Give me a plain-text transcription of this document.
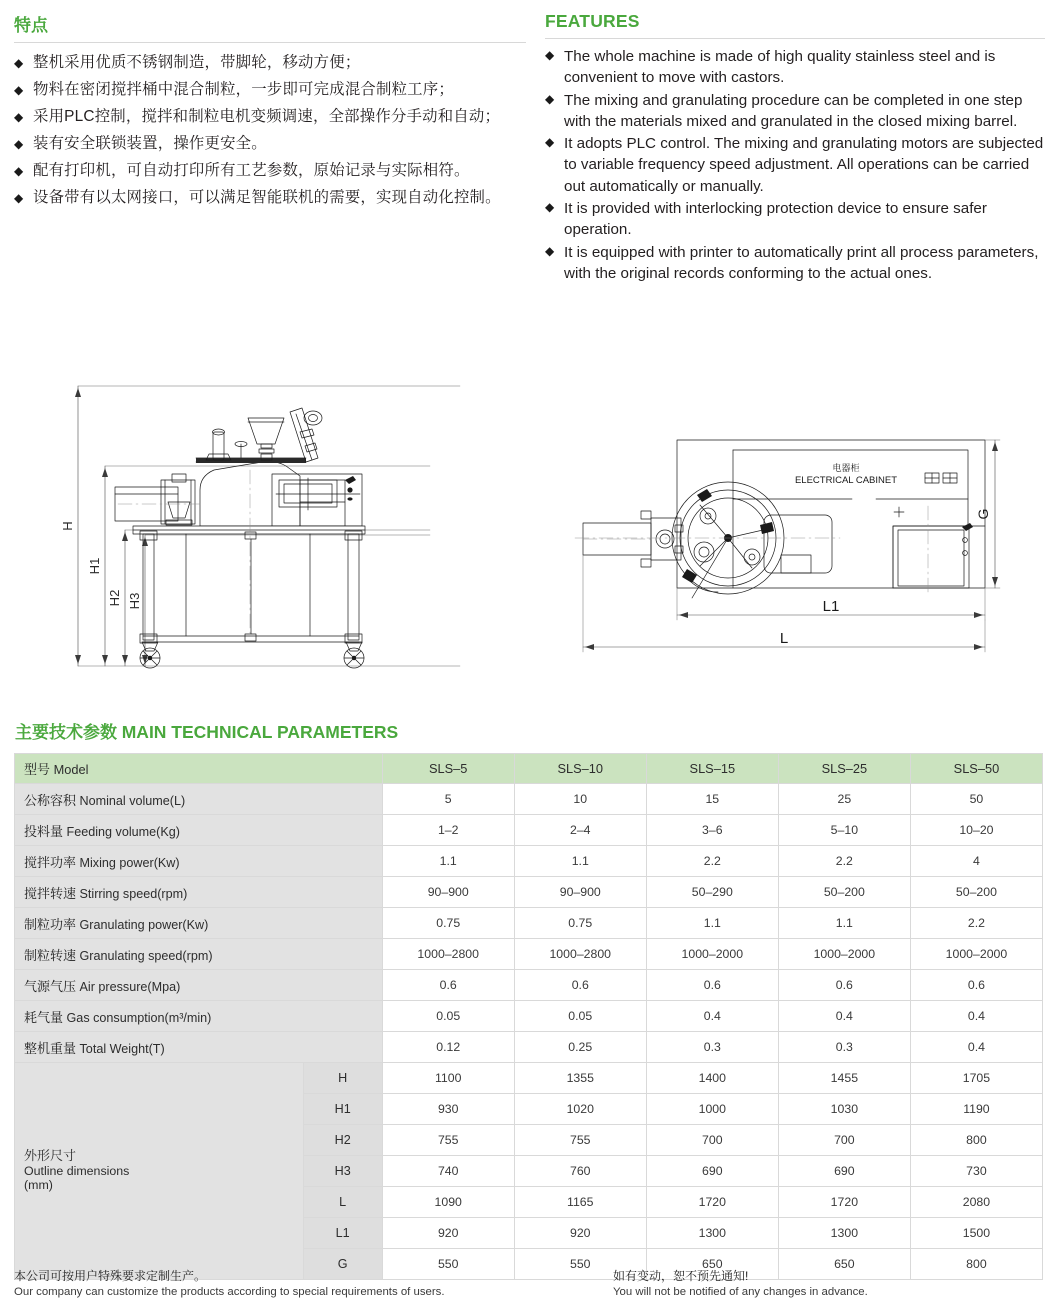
特点
◆ 整机采用优质不锈钢制造，带脚轮，移动方便；
◆ 物料在密闭搅拌桶中混合制粒，一步即可完成混合制粒工序；
◆ 采用PLC控制，搅拌和制粒电机变频调速，全部操作分手动和自动；
◆ 装有安全联锁装置，操作更安全。
◆ 配有打印机，可自动打印所有工艺参数，原始记录与实际相符。
◆ 设备带有以太网接口，可以满足智能联机的需要，实现自动化控制。
FEATURES
◆ The whole machine is made of high quality stainless steel and is convenient to move with castors.
◆ The mixing and granulating procedure can be completed in one step with the materials mixed and granulated in the closed mixing barrel.
◆ It adopts PLC control. The mixing and granulating motors are subjected to variable frequency speed adjustment. All operations can be carried out automatically or manually.
◆ It is provided with interlocking protection device to ensure safer operation.
◆ It is equipped with printer to automatically print all process parameters, with the original records conforming to the actual ones.
H
H1
H2 H3
电器柜
ELECTRICAL CABINET
G
L1
L
主要技术参数 MAIN TECHNICAL PARAMETERS
型号 Model		SLS–5	SLS–10	SLS–15	SLS–25	SLS–50
公称容积 Nominal volume(L)		5	10	15	25	50
投料量 Feeding volume(Kg)		1–2	2–4	3–6	5–10	10–20
搅拌功率 Mixing power(Kw)		1.1	1.1	2.2	2.2	4
搅拌转速 Stirring speed(rpm)		90–900	90–900	50–290	50–200	50–200
制粒功率 Granulating power(Kw)		0.75	0.75	1.1	1.1	2.2
制粒转速 Granulating speed(rpm)		1000–2800	1000–2800	1000–2000	1000–2000	1000–2000
气源气压 Air pressure(Mpa)		0.6	0.6	0.6	0.6	0.6
耗气量 Gas consumption(m³/min)		0.05	0.05	0.4	0.4	0.4
整机重量 Total Weight(T)		0.12	0.25	0.3	0.3	0.4

外形尺寸
Outline dimensions
(mm)	H	1100	1355	1400	1455	1705
	H1	930	1020	1000	1030	1190
	H2	755	755	700	700	800
	H3	740	760	690	690	730
	L	1090	1165	1720	1720	2080
	L1	920	920	1300	1300	1500
	G	550	550	650	650	800
本公司可按用户特殊要求定制生产。
Our company can customize the products according to special requirements of users.
如有变动，恕不预先通知!
You will not be notified of any changes in advance.
